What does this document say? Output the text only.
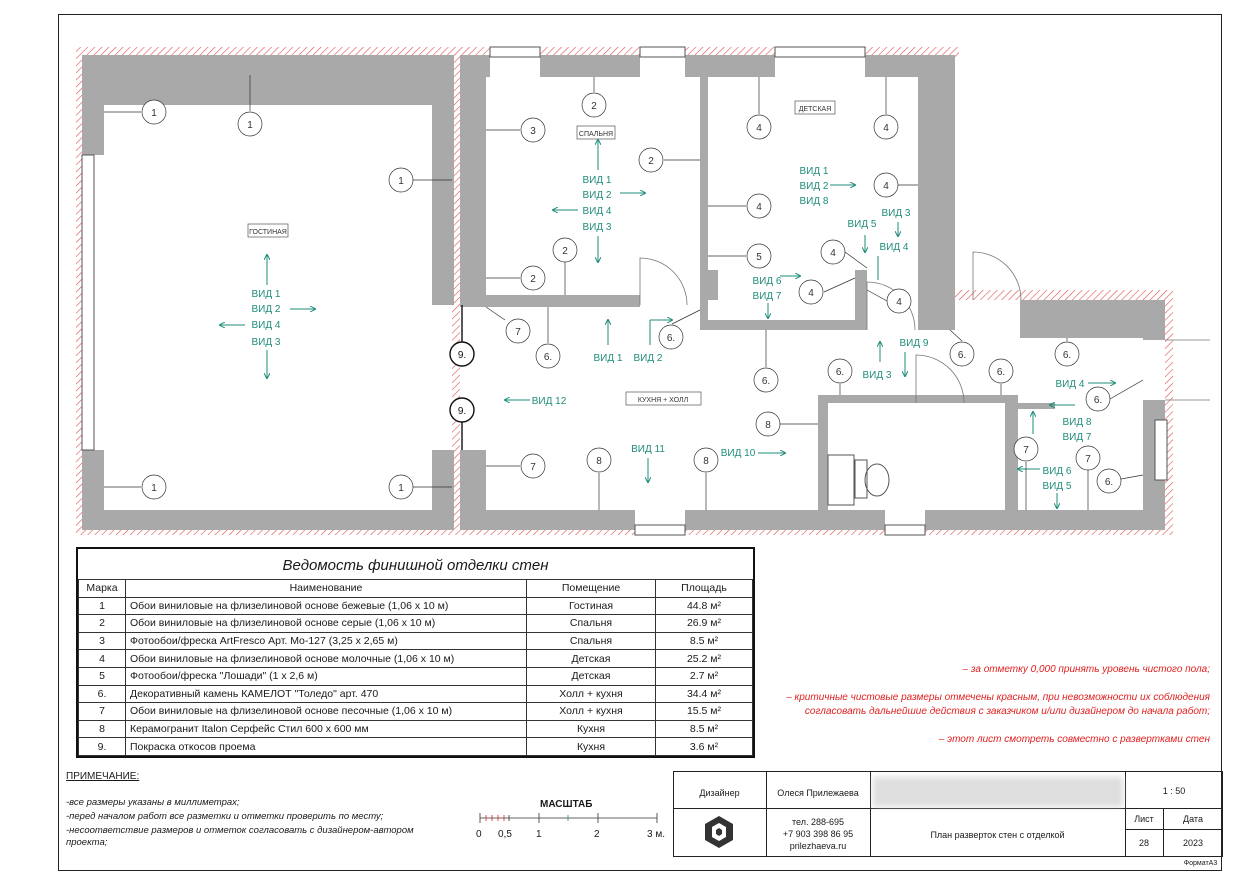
ГОСТИНАЯ
СПАЛЬНЯ
ДЕТСКАЯ
КУХНЯ + ХОЛЛ
ВИД 1
ВИД 2
ВИД 4
ВИД 3
ВИД 1
ВИД 2
ВИД 4
ВИД 3
ВИД 1
ВИД 2
ВИД 8
ВИД 5
ВИД 3
ВИД 4
ВИД 6
ВИД 7
ВИД 1 ВИД 2
ВИД 12
ВИД 11	ВИД 10
ВИД 3
ВИД 9
ВИД 4
ВИД 8
ВИД 7
ВИД 6
ВИД 5
1
1
1
1	1
3
2
2
2
2
4	4
4
4
5
4
4
4
7
6.
6.
6.
8
6.
6.
6.
6.
6.
6.
7
7
7
8	8
9.
9.
Ведомость финишной отделки стен
Марка	Наименование	Помещение	Площадь
1	Обои виниловые на флизелиновой основе бежевые (1,06 х 10 м)	Гостиная	44.8 м²
2	Обои виниловые на флизелиновой основе серые (1,06 х 10 м)	Спальня	26.9 м²
3	Фотообои/фреска ArtFresco Арт. Mo-127 (3,25 х 2,65 м)	Спальня	8.5 м²
4	Обои виниловые на флизелиновой основе молочные (1,06 х 10 м)	Детская	25.2 м²
5	Фотообои/фреска "Лошади" (1 х 2,6 м)	Детская	2.7 м²
6.	Декоративный камень КАМЕЛОТ "Толедо" арт. 470	Холл + кухня	34.4 м²
7	Обои виниловые на флизелиновой основе песочные (1,06 х 10 м)	Холл + кухня	15.5 м²
8	Керамогранит Italon Серфейс Стил 600 х 600 мм	Кухня	8.5 м²
9.	Покраска откосов проема	Кухня	3.6 м²
– за отметку 0,000 принять уровень чистого пола;
– критичные чистовые размеры отмечены красным, при невозможности их соблюдения
согласовать дальнейшие действия с заказчиком и/или дизайнером до начала работ;
– этот лист смотреть совместно с развертками стен
ПРИМЕЧАНИЕ:
-все размеры указаны в миллиметрах;
-перед началом работ все разметки и отметки проверить по месту;
-несоответствие размеров и отметок согласовать с дизайнером-автором проекта;
МАСШТАБ
0 0,5 1	2	3 м.
Дизайнер	Олеся Прилежаева
тел. 288-695
+7 903 398 86 95
prilezhaeva.ru
План разверток стен с отделкой
1 : 50
Лист	Дата
28	2023
ФорматА3
